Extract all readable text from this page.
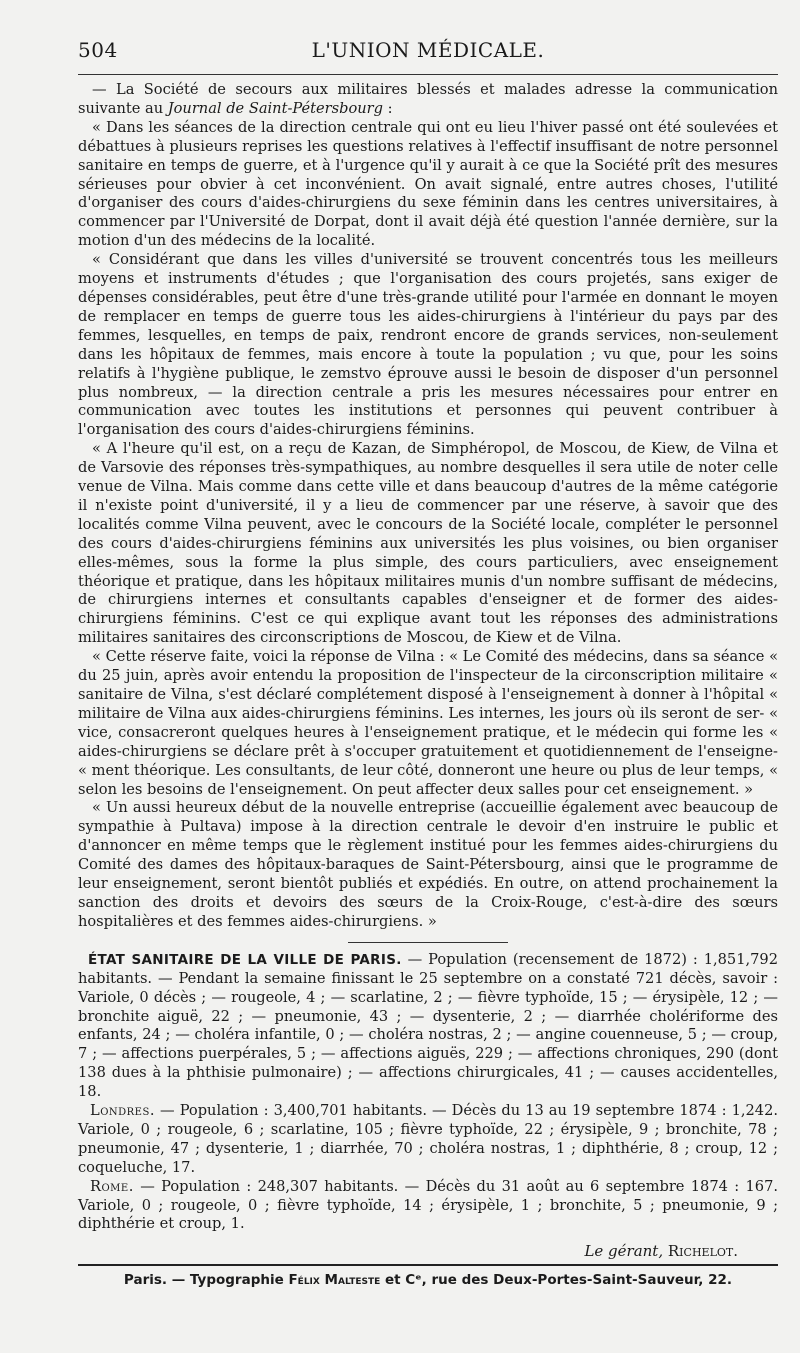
504	L'UNION MÉDICALE.

— La Société de secours aux militaires blessés et malades adresse la communication suivante au Journal de Saint-Pétersbourg :

« Dans les séances de la direction centrale qui ont eu lieu l'hiver passé ont été soulevées et débattues à plusieurs reprises les questions relatives à l'effectif insuffisant de notre personnel sanitaire en temps de guerre, et à l'urgence qu'il y aurait à ce que la Société prît des mesures sérieuses pour obvier à cet inconvénient. On avait signalé, entre autres choses, l'utilité d'organiser des cours d'aides-chirurgiens du sexe féminin dans les centres universitaires, à commencer par l'Université de Dorpat, dont il avait déjà été question l'année dernière, sur la motion d'un des médecins de la localité.

« Considérant que dans les villes d'université se trouvent concentrés tous les meilleurs moyens et instruments d'études ; que l'organisation des cours projetés, sans exiger de dépenses considérables, peut être d'une très-grande utilité pour l'armée en donnant le moyen de remplacer en temps de guerre tous les aides-chirurgiens à l'intérieur du pays par des femmes, lesquelles, en temps de paix, rendront encore de grands services, non-seulement dans les hôpitaux de femmes, mais encore à toute la population ; vu que, pour les soins relatifs à l'hygiène publique, le zemstvo éprouve aussi le besoin de disposer d'un personnel plus nombreux, — la direction centrale a pris les mesures nécessaires pour entrer en communication avec toutes les institutions et personnes qui peuvent contribuer à l'organisation des cours d'aides-chirurgiens féminins.

« A l'heure qu'il est, on a reçu de Kazan, de Simphéropol, de Moscou, de Kiew, de Vilna et de Varsovie des réponses très-sympathiques, au nombre desquelles il sera utile de noter celle venue de Vilna. Mais comme dans cette ville et dans beaucoup d'autres de la même catégorie il n'existe point d'université, il y a lieu de commencer par une réserve, à savoir que des localités comme Vilna peuvent, avec le concours de la Société locale, compléter le personnel des cours d'aides-chirurgiens féminins aux universités les plus voisines, ou bien organiser elles-mêmes, sous la forme la plus simple, des cours particuliers, avec enseignement théorique et pratique, dans les hôpitaux militaires munis d'un nombre suffisant de médecins, de chirurgiens internes et consultants capables d'enseigner et de former des aides-chirurgiens féminins. C'est ce qui explique avant tout les réponses des administrations militaires sanitaires des circonscriptions de Moscou, de Kiew et de Vilna.

« Cette réserve faite, voici la réponse de Vilna : « Le Comité des médecins, dans sa séance « du 25 juin, après avoir entendu la proposition de l'inspecteur de la circonscription militaire « sanitaire de Vilna, s'est déclaré complétement disposé à l'enseignement à donner à l'hôpital « militaire de Vilna aux aides-chirurgiens féminins. Les internes, les jours où ils seront de ser- « vice, consacreront quelques heures à l'enseignement pratique, et le médecin qui forme les « aides-chirurgiens se déclare prêt à s'occuper gratuitement et quotidiennement de l'enseigne- « ment théorique. Les consultants, de leur côté, donneront une heure ou plus de leur temps, « selon les besoins de l'enseignement. On peut affecter deux salles pour cet enseignement. »

« Un aussi heureux début de la nouvelle entreprise (accueillie également avec beaucoup de sympathie à Pultava) impose à la direction centrale le devoir d'en instruire le public et d'annoncer en même temps que le règlement institué pour les femmes aides-chirurgiens du Comité des dames des hôpitaux-baraques de Saint-Pétersbourg, ainsi que le programme de leur enseignement, seront bientôt publiés et expédiés. En outre, on attend prochainement la sanction des droits et devoirs des sœurs de la Croix-Rouge, c'est-à-dire des sœurs hospitalières et des femmes aides-chirurgiens. »

ÉTAT SANITAIRE DE LA VILLE DE PARIS. — Population (recensement de 1872) : 1,851,792 habitants. — Pendant la semaine finissant le 25 septembre on a constaté 721 décès, savoir : Variole, 0 décès ; — rougeole, 4 ; — scarlatine, 2 ; — fièvre typhoïde, 15 ; — érysipèle, 12 ; — bronchite aiguë, 22 ; — pneumonie, 43 ; — dysenterie, 2 ; — diarrhée cholériforme des enfants, 24 ; — choléra infantile, 0 ; — choléra nostras, 2 ; — angine couenneuse, 5 ; — croup, 7 ; — affections puerpérales, 5 ; — affections aiguës, 229 ; — affections chroniques, 290 (dont 138 dues à la phthisie pulmonaire) ; — affections chirurgicales, 41 ; — causes accidentelles, 18.

Londres. — Population : 3,400,701 habitants. — Décès du 13 au 19 septembre 1874 : 1,242. Variole, 0 ; rougeole, 6 ; scarlatine, 105 ; fièvre typhoïde, 22 ; érysipèle, 9 ; bronchite, 78 ; pneumonie, 47 ; dysenterie, 1 ; diarrhée, 70 ; choléra nostras, 1 ; diphthérie, 8 ; croup, 12 ; coqueluche, 17.

Rome. — Population : 248,307 habitants. — Décès du 31 août au 6 septembre 1874 : 167. Variole, 0 ; rougeole, 0 ; fièvre typhoïde, 14 ; érysipèle, 1 ; bronchite, 5 ; pneumonie, 9 ; diphthérie et croup, 1.

Le gérant, Richelot.
Paris. — Typographie Félix Malteste et Cᵉ, rue des Deux-Portes-Saint-Sauveur, 22.
